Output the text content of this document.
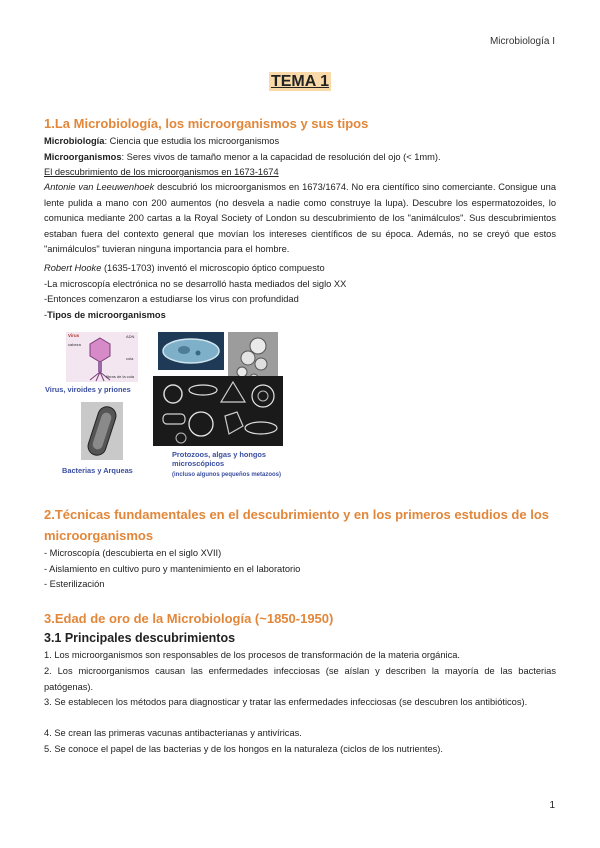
Microbiología I
TEMA 1
1.La Microbiología, los microorganismos y sus tipos
Microbiología: Ciencia que estudia los microorganismos
Microorganismos: Seres vivos de tamaño menor a la capacidad de resolución del ojo (< 1mm).
El descubrimiento de los microorganismos en 1673-1674
Antonie van Leeuwenhoek descubrió los microorganismos en 1673/1674. No era científico sino comerciante. Consigue una lente pulida a mano con 200 aumentos (no desvela a nadie como construye la lupa). Descubre los espermatozoides, lo comunica mediante 200 cartas a la Royal Society of London su descubrimiento de los "animálculos". Sus descubrimientos estaban fuera del contexto general que movían los intereses científicos de su época. Además, no se creyó que estos "animálculos" tuvieran ninguna importancia para el hombre.
Robert Hooke (1635-1703) inventó el microscopio óptico compuesto
-La microscopía electrónica no se desarrolló hasta mediados del siglo XX
-Entonces comenzaron a estudiarse los virus con profundidad
-Tipos de microorganismos
Virus
cabeza
ADN
cola
fibras de la cola
Virus, viroides y priones
Bacterias y Arqueas
Protozoos, algas y hongos microscópicos
(incluso algunos pequeños metazoos)
2.Técnicas fundamentales en el descubrimiento y en los primeros estudios de los microorganismos
- Microscopía (descubierta en el siglo XVII)
- Aislamiento en cultivo puro y mantenimiento en el laboratorio
- Esterilización
3.Edad de oro de la Microbiología (~1850-1950)
3.1 Principales descubrimientos
1. Los microorganismos son responsables de los procesos de transformación de la materia orgánica.
2. Los microorganismos causan las enfermedades infecciosas (se aíslan y describen la mayoría de las bacterias patógenas).
3. Se establecen los métodos para diagnosticar y tratar las enfermedades infecciosas (se descubren los antibióticos).
4. Se crean las primeras vacunas antibacterianas y antivíricas.
5. Se conoce el papel de las bacterias y de los hongos en la naturaleza (ciclos de los nutrientes).
1
